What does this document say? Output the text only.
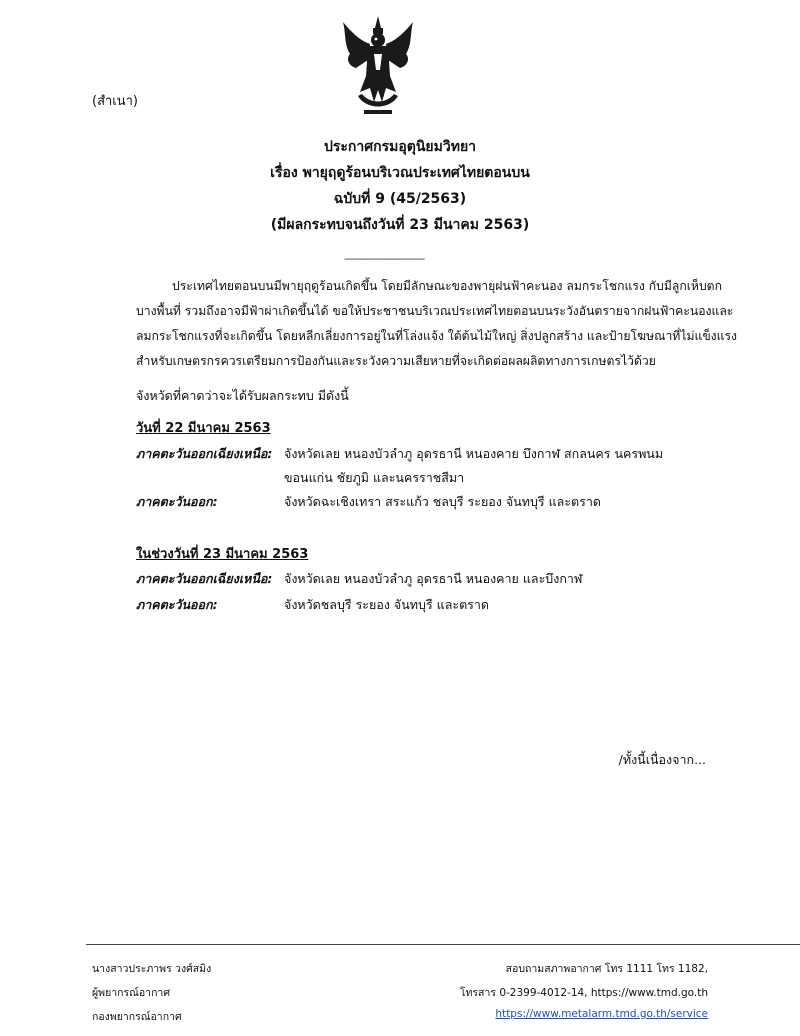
(สำเนา)
ประกาศกรมอุตุนิยมวิทยา
เรื่อง พายุฤดูร้อนบริเวณประเทศไทยตอนบน
ฉบับที่ 9 (45/2563)
(มีผลกระทบจนถึงวันที่ 23 มีนาคม 2563)
---------------------------
ประเทศไทยตอนบนมีพายุฤดูร้อนเกิดขึ้น โดยมีลักษณะของพายุฝนฟ้าคะนอง ลมกระโชกแรง กับมีลูกเห็บตก
บางพื้นที่ รวมถึงอาจมีฟ้าผ่าเกิดขึ้นได้ ขอให้ประชาชนบริเวณประเทศไทยตอนบนระวังอันตรายจากฝนฟ้าคะนองและ
ลมกระโชกแรงที่จะเกิดขึ้น โดยหลีกเลี่ยงการอยู่ในที่โล่งแจ้ง ใต้ต้นไม้ใหญ่ สิ่งปลูกสร้าง และป้ายโฆษณาที่ไม่แข็งแรง
สำหรับเกษตรกรควรเตรียมการป้องกันและระวังความเสียหายที่จะเกิดต่อผลผลิตทางการเกษตรไว้ด้วย
จังหวัดที่คาดว่าจะได้รับผลกระทบ มีดังนี้
วันที่ 22 มีนาคม 2563
ภาคตะวันออกเฉียงเหนือ: จังหวัดเลย หนองบัวลำภู อุดรธานี หนองคาย บึงกาฬ สกลนคร นครพนม
ขอนแก่น ชัยภูมิ และนครราชสีมา
ภาคตะวันออก:	จังหวัดฉะเชิงเทรา สระแก้ว ชลบุรี ระยอง จันทบุรี และตราด
ในช่วงวันที่ 23 มีนาคม 2563
ภาคตะวันออกเฉียงเหนือ: จังหวัดเลย หนองบัวลำภู อุดรธานี หนองคาย และบึงกาฬ
ภาคตะวันออก:	จังหวัดชลบุรี ระยอง จันทบุรี และตราด
/ทั้งนี้เนื่องจาก...
นางสาวประภาพร วงศ์สมิง
ผู้พยากรณ์อากาศ
กองพยากรณ์อากาศ
สอบถามสภาพอากาศ โทร 1111 โทร 1182,
โทรสาร 0-2399-4012-14, https://www.tmd.go.th
https://www.metalarm.tmd.go.th/service
